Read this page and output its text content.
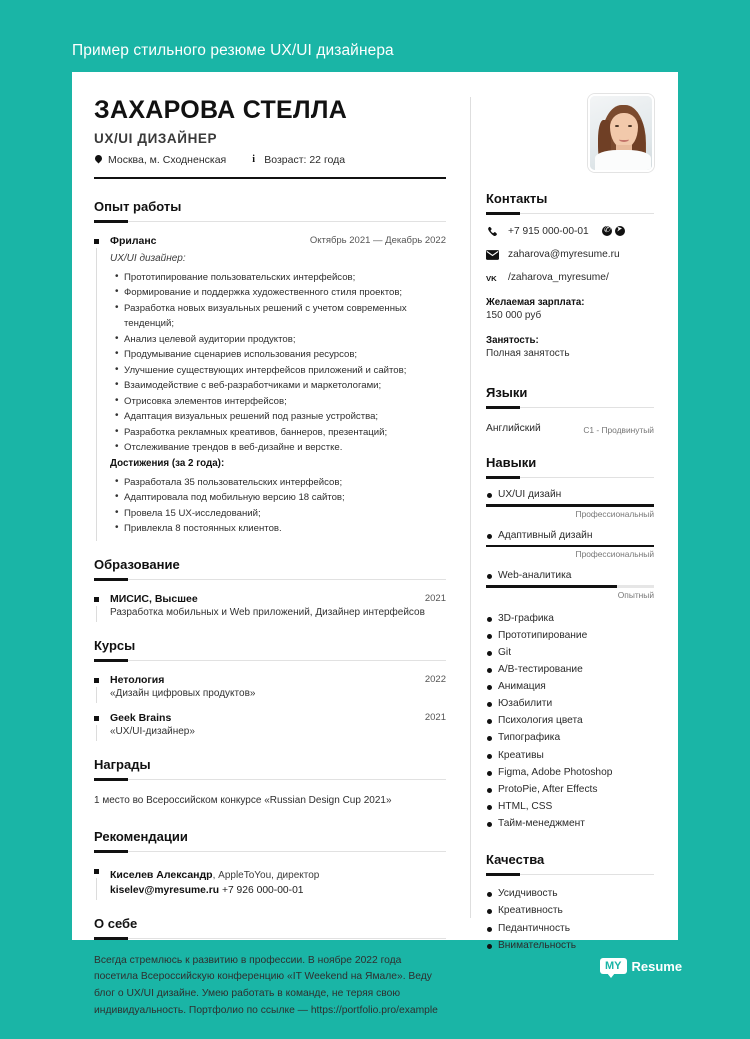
Пример стильного резюме UX/UI дизайнера
ЗАХАРОВА СТЕЛЛА
UX/UI ДИЗАЙНЕР
Москва, м. Сходненская i	Возраст: 22 года
Опыт работы
Фриланс	Октябрь 2021 — Декабрь 2022
UX/UI дизайнер:
• Прототипирование пользовательских интерфейсов;
• Формирование и поддержка художественного стиля проектов;
• Разработка новых визуальных решений с учетом современных тенденций;
• Анализ целевой аудитории продуктов;
• Продумывание сценариев использования ресурсов;
• Улучшение существующих интерфейсов приложений и сайтов;
• Взаимодействие с веб-разработчиками и маркетологами;
• Отрисовка элементов интерфейсов;
• Адаптация визуальных решений под разные устройства;
• Разработка рекламных креативов, баннеров, презентаций;
• Отслеживание трендов в веб-дизайне и верстке.
Достижения (за 2 года):
• Разработала 35 пользовательских интерфейсов;
• Адаптировала под мобильную версию 18 сайтов;
• Провела 15 UX-исследований;
• Привлекла 8 постоянных клиентов.
Образование
МИСИС, Высшее	2021
Разработка мобильных и Web приложений, Дизайнер интерфейсов
Курсы
Нетология	2022
«Дизайн цифровых продуктов»
Geek Brains	2021
«UX/UI-дизайнер»
Награды
1 место во Всероссийском конкурсе «Russian Design Cup 2021»
Рекомендации
Киселев Александр, AppleToYou, директор
kiselev@myresume.ru +7 926 000-00-01
О себе
Всегда стремлюсь к развитию в профессии. В ноябре 2022 года посетила Всероссийскую конференцию «IT Weekend на Ямале». Веду блог о UX/UI дизайне. Умею работать в команде, не теряя свою индивидуальность. Портфолио по ссылке — https://portfolio.pro/example
Контакты
+7 915 000-00-01
✆
➤
zaharova@myresume.ru
VK /zaharova_myresume/
Желаемая зарплата:
150 000 руб
Занятость:
Полная занятость
Языки
Английский	C1 - Продвинутый
Навыки
UX/UI дизайн
Профессиональный
Адаптивный дизайн
Профессиональный
Web-аналитика
Опытный
3D-графика
Прототипирование
Git
A/B-тестирование
Анимация
Юзабилити
Психология цвета
Типографика
Креативы
Figma, Adobe Photoshop
ProtoPie, After Effects
HTML, CSS
Тайм-менеджмент
Качества
Усидчивость
Креативность
Педантичность
Внимательность
MY Resume
